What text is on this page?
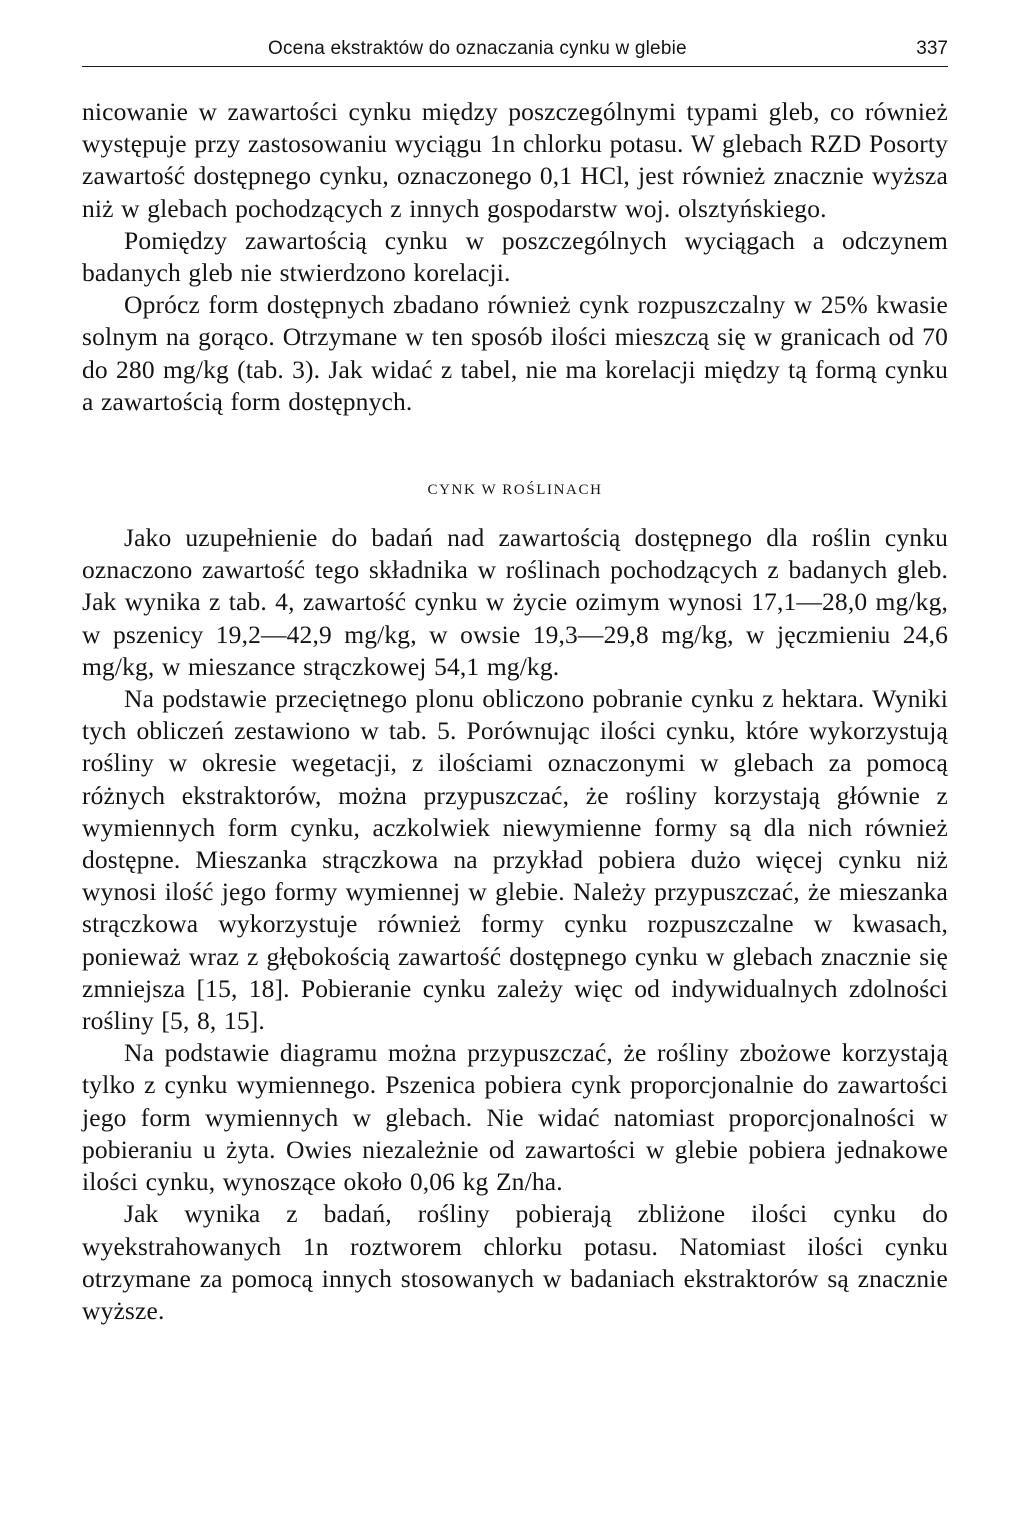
Ocena ekstraktów do oznaczania cynku w glebie	337

nicowanie w zawartości cynku między poszczególnymi typami gleb, co również występuje przy zastosowaniu wyciągu 1n chlorku potasu. W glebach RZD Posorty zawartość dostępnego cynku, oznaczonego 0,1 HCl, jest również znacznie wyższa niż w glebach pochodzących z innych gospodarstw woj. olsztyńskiego.

Pomiędzy zawartością cynku w poszczególnych wyciągach a odczynem badanych gleb nie stwierdzono korelacji.

Oprócz form dostępnych zbadano również cynk rozpuszczalny w 25% kwasie solnym na gorąco. Otrzymane w ten sposób ilości mieszczą się w granicach od 70 do 280 mg/kg (tab. 3). Jak widać z tabel, nie ma korelacji między tą formą cynku a zawartością form dostępnych.

CYNK W ROŚLINACH

Jako uzupełnienie do badań nad zawartością dostępnego dla roślin cynku oznaczono zawartość tego składnika w roślinach pochodzących z badanych gleb. Jak wynika z tab. 4, zawartość cynku w życie ozimym wynosi 17,1—28,0 mg/kg, w pszenicy 19,2—42,9 mg/kg, w owsie 19,3—29,8 mg/kg, w jęczmieniu 24,6 mg/kg, w mieszance strączkowej 54,1 mg/kg.

Na podstawie przeciętnego plonu obliczono pobranie cynku z hektara. Wyniki tych obliczeń zestawiono w tab. 5. Porównując ilości cynku, które wykorzystują rośliny w okresie wegetacji, z ilościami oznaczonymi w glebach za pomocą różnych ekstraktorów, można przypuszczać, że rośliny korzystają głównie z wymiennych form cynku, aczkolwiek niewymienne formy są dla nich również dostępne. Mieszanka strączkowa na przykład pobiera dużo więcej cynku niż wynosi ilość jego formy wymiennej w glebie. Należy przypuszczać, że mieszanka strączkowa wykorzystuje również formy cynku rozpuszczalne w kwasach, ponieważ wraz z głębokością zawartość dostępnego cynku w glebach znacznie się zmniejsza [15, 18]. Pobieranie cynku zależy więc od indywidualnych zdolności rośliny [5, 8, 15].

Na podstawie diagramu można przypuszczać, że rośliny zbożowe korzystają tylko z cynku wymiennego. Pszenica pobiera cynk proporcjonalnie do zawartości jego form wymiennych w glebach. Nie widać natomiast proporcjonalności w pobieraniu u żyta. Owies niezależnie od zawartości w glebie pobiera jednakowe ilości cynku, wynoszące około 0,06 kg Zn/ha.

Jak wynika z badań, rośliny pobierają zbliżone ilości cynku do wyekstrahowanych 1n roztworem chlorku potasu. Natomiast ilości cynku otrzymane za pomocą innych stosowanych w badaniach ekstraktorów są znacznie wyższe.
